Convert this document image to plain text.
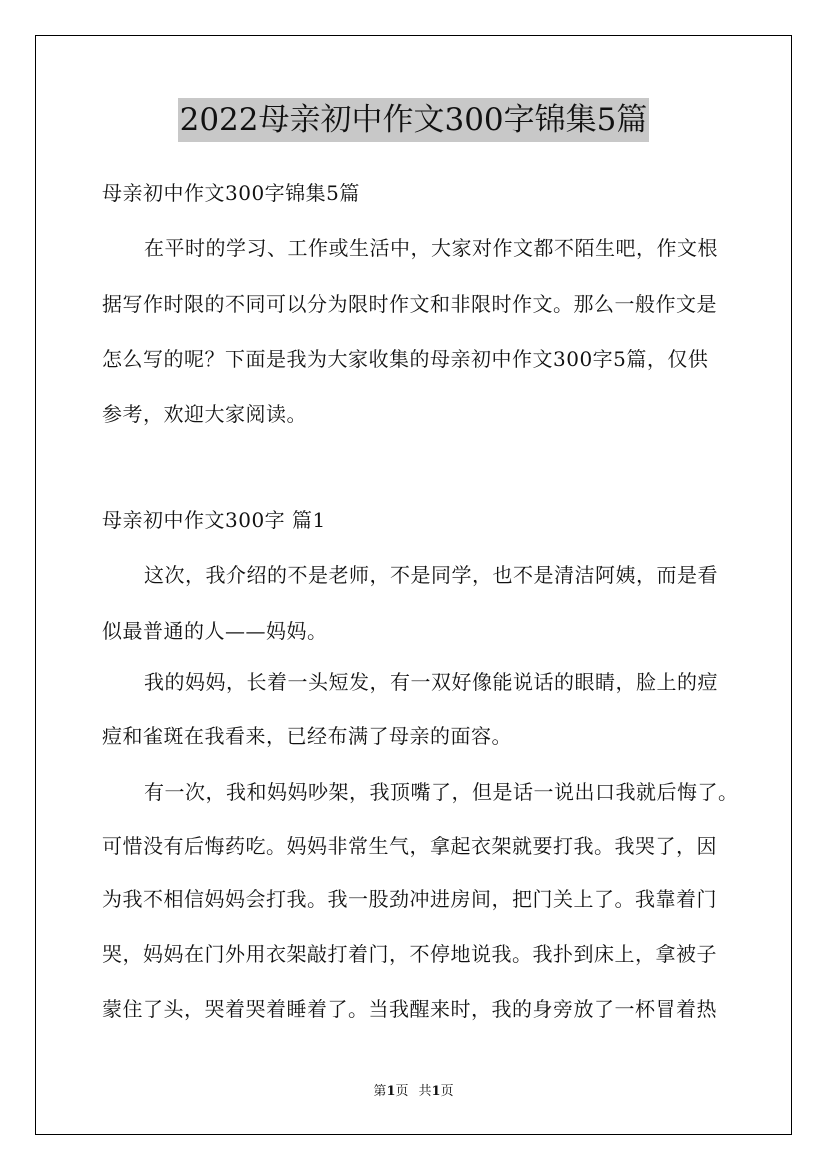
2022母亲初中作文300字锦集5篇
母亲初中作文300字锦集5篇
在平时的学习、工作或生活中，大家对作文都不陌生吧，作文根
据写作时限的不同可以分为限时作文和非限时作文。那么一般作文是
怎么写的呢？下面是我为大家收集的母亲初中作文300字5篇，仅供
参考，欢迎大家阅读。
母亲初中作文300字 篇1
这次，我介绍的不是老师，不是同学，也不是清洁阿姨，而是看
似最普通的人——妈妈。
我的妈妈，长着一头短发，有一双好像能说话的眼睛，脸上的痘
痘和雀斑在我看来，已经布满了母亲的面容。
有一次，我和妈妈吵架，我顶嘴了，但是话一说出口我就后悔了。
可惜没有后悔药吃。妈妈非常生气，拿起衣架就要打我。我哭了，因
为我不相信妈妈会打我。我一股劲冲进房间，把门关上了。我靠着门
哭，妈妈在门外用衣架敲打着门，不停地说我。我扑到床上，拿被子
蒙住了头，哭着哭着睡着了。当我醒来时，我的身旁放了一杯冒着热
第1页 共1页
